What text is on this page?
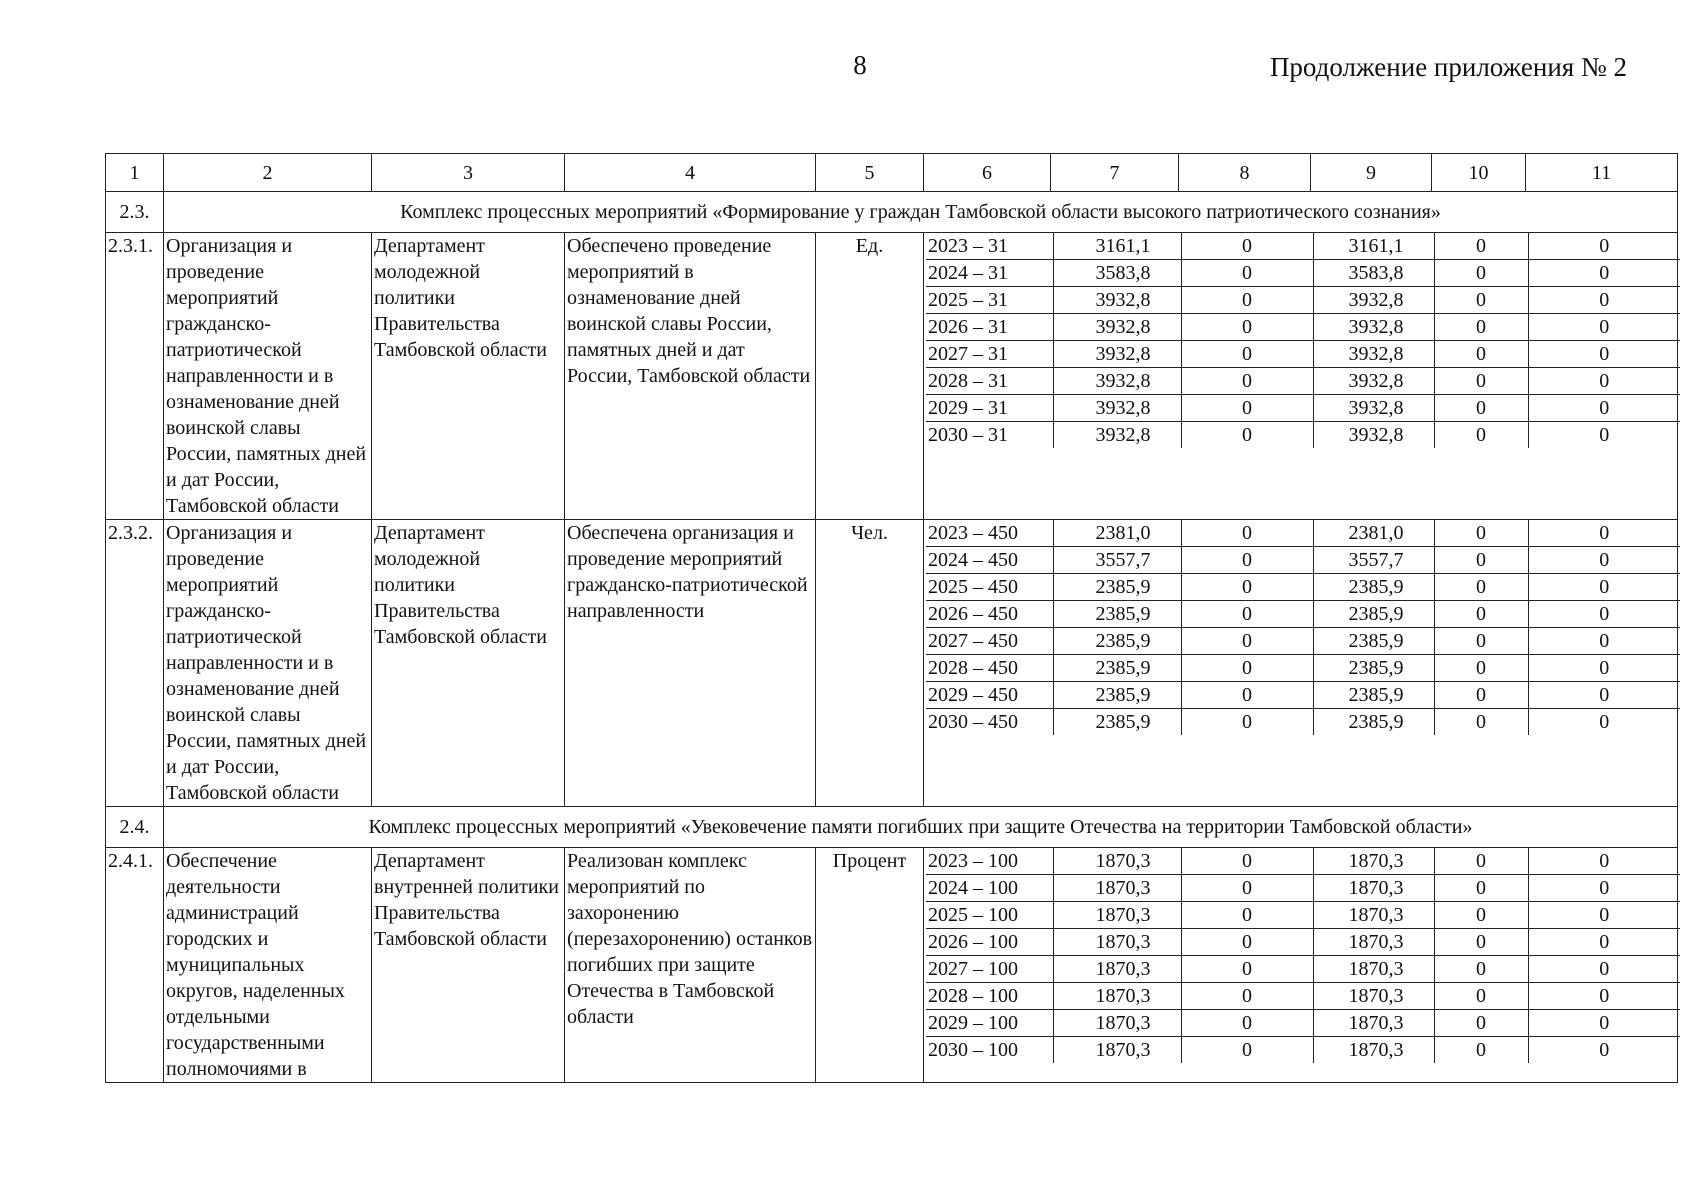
8	Продолжение приложения № 2
1	2	3	4	5	6	7	8	9	10	11
2.3.	Комплекс процессных мероприятий «Формирование у граждан Тамбовской области высокого патриотического сознания»
2.3.1.	Организация и проведение мероприятий гражданско-патриотической направленности и в ознаменование дней воинской славы России, памятных дней и дат России, Тамбовской области	Департамент молодежной политики Правительства Тамбовской области	Обеспечено проведение мероприятий в ознаменование дней воинской славы России, памятных дней и дат России, Тамбовской области	Ед.	2023 – 31	3161,1	0	3161,1	0	0
2024 – 31	3583,8	0	3583,8	0	0
2025 – 31	3932,8	0	3932,8	0	0
2026 – 31	3932,8	0	3932,8	0	0
2027 – 31	3932,8	0	3932,8	0	0
2028 – 31	3932,8	0	3932,8	0	0
2029 – 31	3932,8	0	3932,8	0	0
2030 – 31	3932,8	0	3932,8	0	0

2.3.2.	Организация и проведение мероприятий гражданско-патриотической направленности и в ознаменование дней воинской славы России, памятных дней и дат России, Тамбовской области	Департамент молодежной политики Правительства Тамбовской области	Обеспечена организация и проведение мероприятий гражданско-патриотической направленности	Чел.	2023 – 450	2381,0	0	2381,0	0	0
2024 – 450	3557,7	0	3557,7	0	0
2025 – 450	2385,9	0	2385,9	0	0
2026 – 450	2385,9	0	2385,9	0	0
2027 – 450	2385,9	0	2385,9	0	0
2028 – 450	2385,9	0	2385,9	0	0
2029 – 450	2385,9	0	2385,9	0	0
2030 – 450	2385,9	0	2385,9	0	0

2.4.	Комплекс процессных мероприятий «Увековечение памяти погибших при защите Отечества на территории Тамбовской области»
2.4.1.	Обеспечение деятельности администраций городских и муниципальных округов, наделенных отдельными государственными полномочиями в	Департамент внутренней политики Правительства Тамбовской области	Реализован комплекс мероприятий по захоронению (перезахоронению) останков погибших при защите Отечества в Тамбовской области	Процент	2023 – 100	1870,3	0	1870,3	0	0
2024 – 100	1870,3	0	1870,3	0	0
2025 – 100	1870,3	0	1870,3	0	0
2026 – 100	1870,3	0	1870,3	0	0
2027 – 100	1870,3	0	1870,3	0	0
2028 – 100	1870,3	0	1870,3	0	0
2029 – 100	1870,3	0	1870,3	0	0
2030 – 100	1870,3	0	1870,3	0	0
